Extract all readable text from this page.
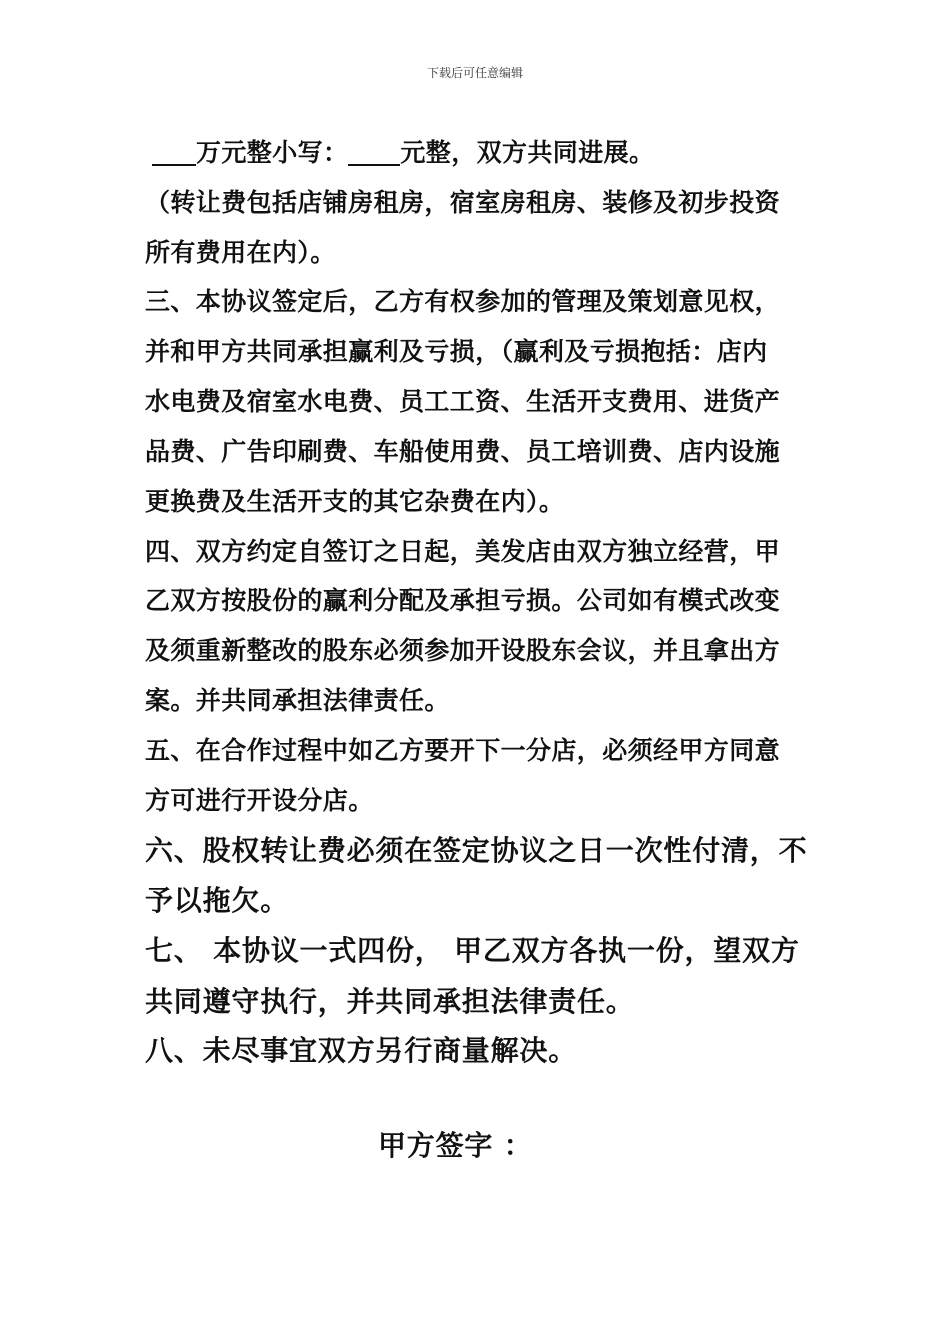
下载后可任意编辑
万元整小写： 元整，双方共同进展。
（转让费包括店铺房租房，宿室房租房、装修及初步投资
所有费用在内）。
三、本协议签定后，乙方有权参加的管理及策划意见权，
并和甲方共同承担赢利及亏损，（赢利及亏损抱括：店内
水电费及宿室水电费、员工工资、生活开支费用、进货产
品费、广告印刷费、车船使用费、员工培训费、店内设施
更换费及生活开支的其它杂费在内）。
四、双方约定自签订之日起，美发店由双方独立经营，甲
乙双方按股份的赢利分配及承担亏损。公司如有模式改变
及须重新整改的股东必须参加开设股东会议，并且拿出方
案。并共同承担法律责任。
五、在合作过程中如乙方要开下一分店，必须经甲方同意
方可进行开设分店。
六、股权转让费必须在签定协议之日一次性付清，不
予以拖欠。
七、 本协议一式四份， 甲乙双方各执一份，望双方
共同遵守执行，并共同承担法律责任。
八、未尽事宜双方另行商量解决。
甲方签字 ：
